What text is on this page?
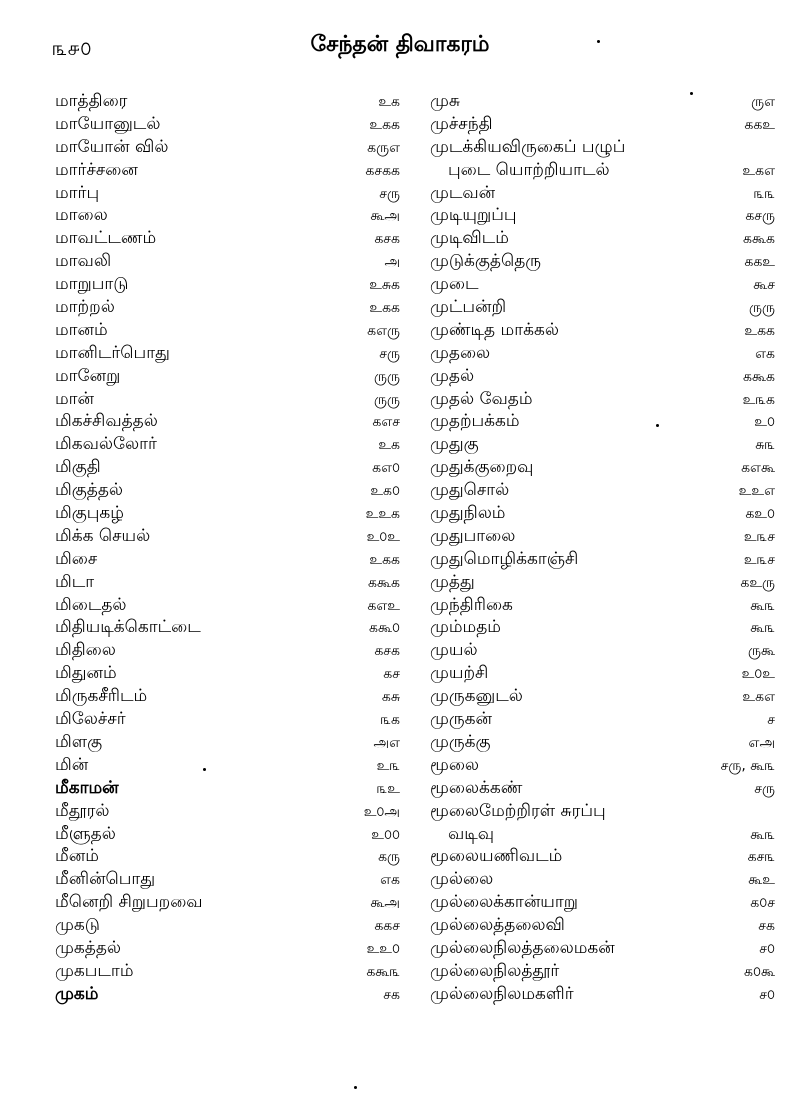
௩௪௦	சேந்தன் திவாகரம்
மாத்திரை	உக
மாயோனுடல்	உகக
மாயோன் வில்	கருஎ
மார்ச்சனை	கசகக
மார்பு	சரு
மாலை	கூஅ
மாவட்டணம்	கசக
மாவலி	அ
மாறுபாடு	உசுக
மாற்றல்	உகக
மானம்	கஎரு
மானிடர்பொது	சரு
மானேறு	ருரு
மான்	ருரு
மிகச்சிவத்தல்	கஎச
மிகவல்லோர்	உக
மிகுதி	கஎ௦
மிகுத்தல்	உக௦
மிகுபுகழ்	உஉக
மிக்க செயல்	உ௦உ
மிசை	உகக
மிடா	ககூக
மிடைதல்	கஎஉ
மிதியடிக்கொட்டை	ககூ௦
மிதிலை	கசக
மிதுனம்	கச
மிருகசீரிடம்	கசு
மிலேச்சர்	௩க
மிளகு	அஎ
மின்	உ௩
மீகாமன்	௩உ
மீதூரல்	உ௦அ
மீளுதல்	உ௦௦
மீனம்	கரு
மீனின்பொது	எக
மீனெறி சிறுபறவை	கூஅ
முகடு	ககச
முகத்தல்	உஉ௦
முகபடாம்	ககூ௩
முகம்	சக
முசு	ருஎ
முச்சந்தி	ககஉ
முடக்கியவிருகைப் பழுப்
புடை யொற்றியாடல்	உகஎ
முடவன்	௩௩
முடியுறுப்பு	கசரு
முடிவிடம்	ககூக
முடுக்குத்தெரு	ககஉ
முடை	கூச
முட்பன்றி	ருரு
முண்டித மாக்கல்	உகக
முதலை	எக
முதல்	ககூக
முதல் வேதம்	உ௩க
முதற்பக்கம்	உ௦
முதுகு	சு௩
முதுக்குறைவு	கஎகூ
முதுசொல்	உஉஎ
முதுநிலம்	கஉ௦
முதுபாலை	உ௩ச
முதுமொழிக்காஞ்சி	உ௩ச
முத்து	கஉரு
முந்திரிகை	கூ௩
மும்மதம்	கூ௩
முயல்	ருகூ
முயற்சி	உ௦உ
முருகனுடல்	உகஎ
முருகன்	ச
முருக்கு	எஅ
மூலை	சரு, கூ௩
மூலைக்கண்	சரு
மூலைமேற்றிரள் சுரப்பு
வடிவு	கூ௩
மூலையணிவடம்	கச௩
முல்லை	கூஉ
முல்லைக்கான்யாறு	க௦ச
முல்லைத்தலைவி	சக
முல்லைநிலத்தலைமகன்	ச௦
முல்லைநிலத்தூர்	க௦கூ
முல்லைநிலமகளிர்	ச௦
